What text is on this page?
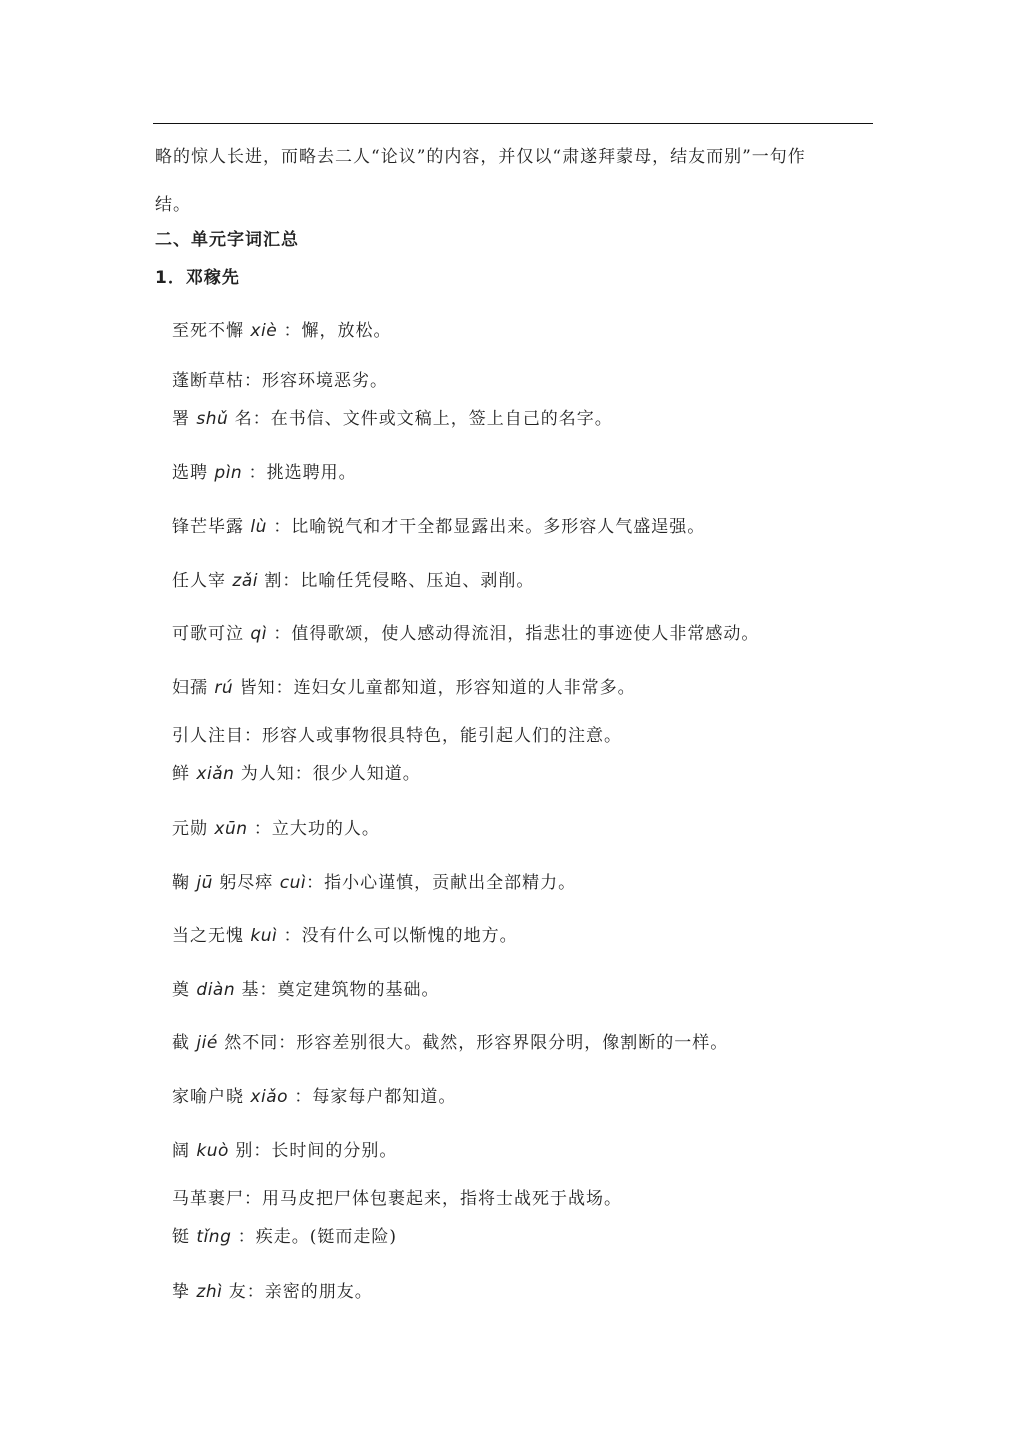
略的惊人长进，而略去二人“论议”的内容，并仅以“肃遂拜蒙母，结友而别”一句作
结。
二、单元字词汇总
1．邓稼先
至死不懈 xiè ：懈，放松。
蓬断草枯：形容环境恶劣。
署 shǔ 名：在书信、文件或文稿上，签上自己的名字。
选聘 pìn ：挑选聘用。
锋芒毕露 lù ：比喻锐气和才干全都显露出来。多形容人气盛逞强。
任人宰 zǎi 割：比喻任凭侵略、压迫、剥削。
可歌可泣 qì ：值得歌颂，使人感动得流泪，指悲壮的事迹使人非常感动。
妇孺 rú 皆知：连妇女儿童都知道，形容知道的人非常多。
引人注目：形容人或事物很具特色，能引起人们的注意。
鲜 xiǎn 为人知：很少人知道。
元勋 xūn ：立大功的人。
鞠 jū 躬尽瘁 cuì：指小心谨慎，贡献出全部精力。
当之无愧 kuì ：没有什么可以惭愧的地方。
奠 diàn 基：奠定建筑物的基础。
截 jié 然不同：形容差别很大。截然，形容界限分明，像割断的一样。
家喻户晓 xiǎo ：每家每户都知道。
阔 kuò 别：长时间的分别。
马革裹尸：用马皮把尸体包裹起来，指将士战死于战场。
铤 tǐng ：疾走。(铤而走险)
挚 zhì 友：亲密的朋友。
